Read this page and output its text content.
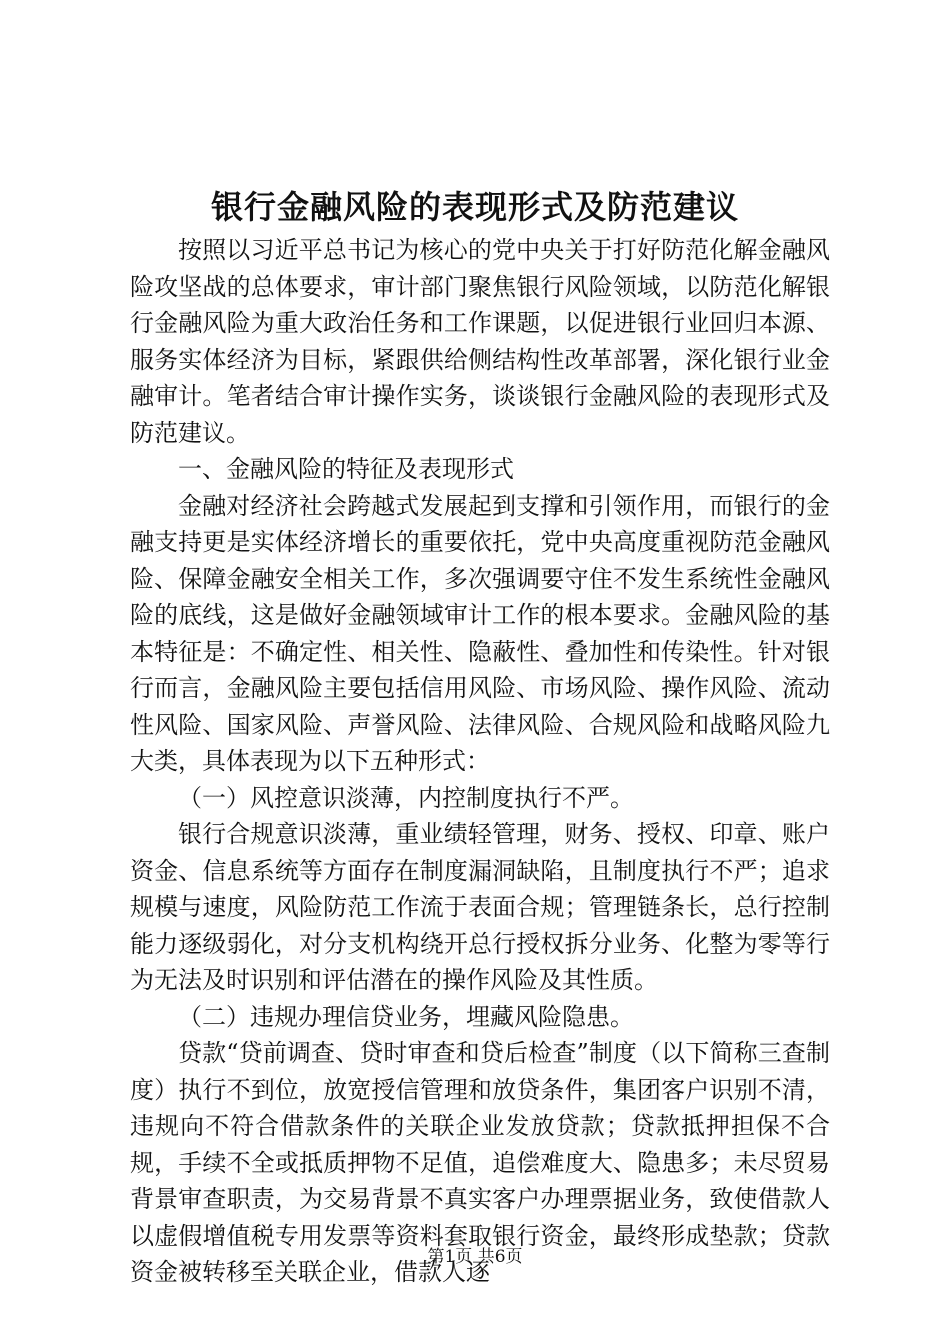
银行金融风险的表现形式及防范建议

按照以习近平总书记为核心的党中央关于打好防范化解金融风险攻坚战的总体要求，审计部门聚焦银行风险领域，以防范化解银行金融风险为重大政治任务和工作课题，以促进银行业回归本源、服务实体经济为目标，紧跟供给侧结构性改革部署，深化银行业金融审计。笔者结合审计操作实务，谈谈银行金融风险的表现形式及防范建议。

一、金融风险的特征及表现形式

金融对经济社会跨越式发展起到支撑和引领作用，而银行的金融支持更是实体经济增长的重要依托，党中央高度重视防范金融风险、保障金融安全相关工作，多次强调要守住不发生系统性金融风险的底线，这是做好金融领域审计工作的根本要求。金融风险的基本特征是：不确定性、相关性、隐蔽性、叠加性和传染性。针对银行而言，金融风险主要包括信用风险、市场风险、操作风险、流动性风险、国家风险、声誉风险、法律风险、合规风险和战略风险九大类，具体表现为以下五种形式：

（一）风控意识淡薄，内控制度执行不严。

银行合规意识淡薄，重业绩轻管理，财务、授权、印章、账户资金、信息系统等方面存在制度漏洞缺陷，且制度执行不严；追求规模与速度，风险防范工作流于表面合规；管理链条长，总行控制能力逐级弱化，对分支机构绕开总行授权拆分业务、化整为零等行为无法及时识别和评估潜在的操作风险及其性质。

（二）违规办理信贷业务，埋藏风险隐患。

贷款“贷前调查、贷时审查和贷后检查”制度（以下简称三查制度）执行不到位，放宽授信管理和放贷条件，集团客户识别不清，违规向不符合借款条件的关联企业发放贷款；贷款抵押担保不合规，手续不全或抵质押物不足值，追偿难度大、隐患多；未尽贸易背景审查职责，为交易背景不真实客户办理票据业务，致使借款人以虚假增值税专用发票等资料套取银行资金，最终形成垫款；贷款资金被转移至关联企业，借款人逐

第1页 共6页
